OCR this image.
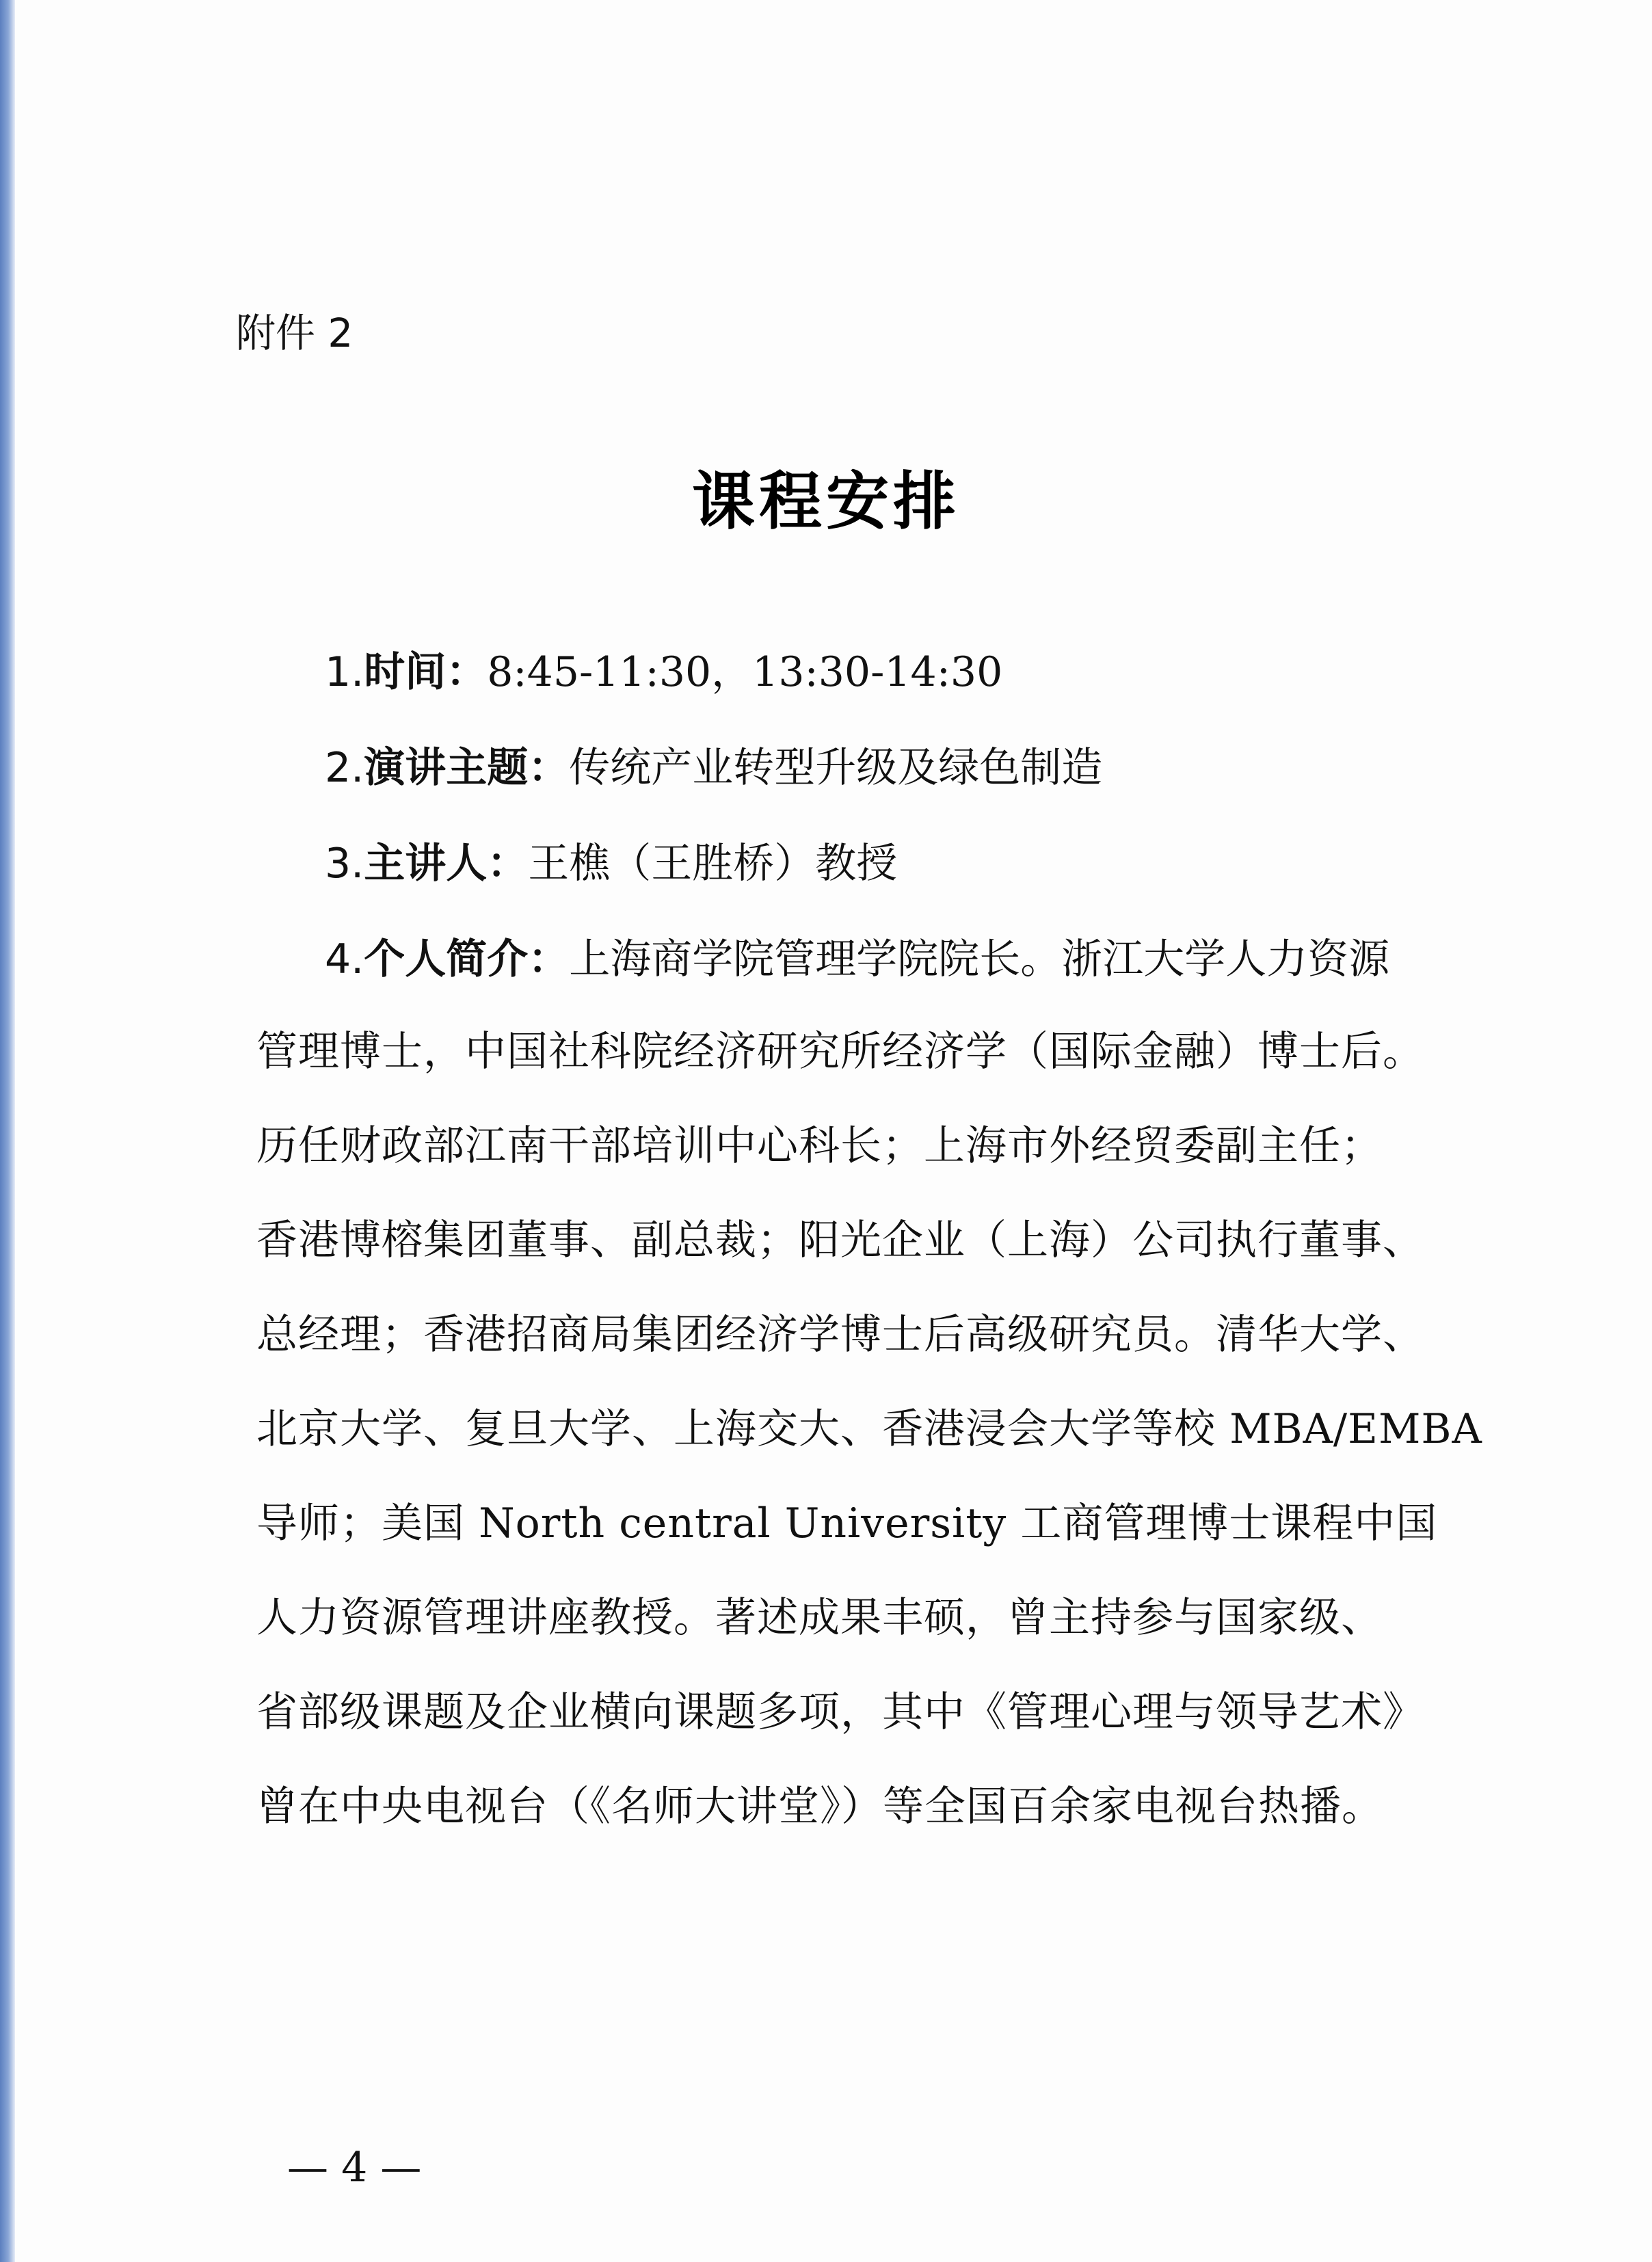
附件 2
课程安排
1.时间：8:45-11:30，13:30-14:30
2.演讲主题：传统产业转型升级及绿色制造
3.主讲人：王樵（王胜桥）教授
4.个人简介：上海商学院管理学院院长。浙江大学人力资源
管理博士，中国社科院经济研究所经济学（国际金融）博士后。
历任财政部江南干部培训中心科长；上海市外经贸委副主任；
香港博榕集团董事、副总裁；阳光企业（上海）公司执行董事、
总经理；香港招商局集团经济学博士后高级研究员。清华大学、
北京大学、复旦大学、上海交大、香港浸会大学等校 MBA/EMBA
导师；美国 North central University 工商管理博士课程中国
人力资源管理讲座教授。著述成果丰硕，曾主持参与国家级、
省部级课题及企业横向课题多项，其中《管理心理与领导艺术》
曾在中央电视台（《名师大讲堂》）等全国百余家电视台热播。
— 4 —
